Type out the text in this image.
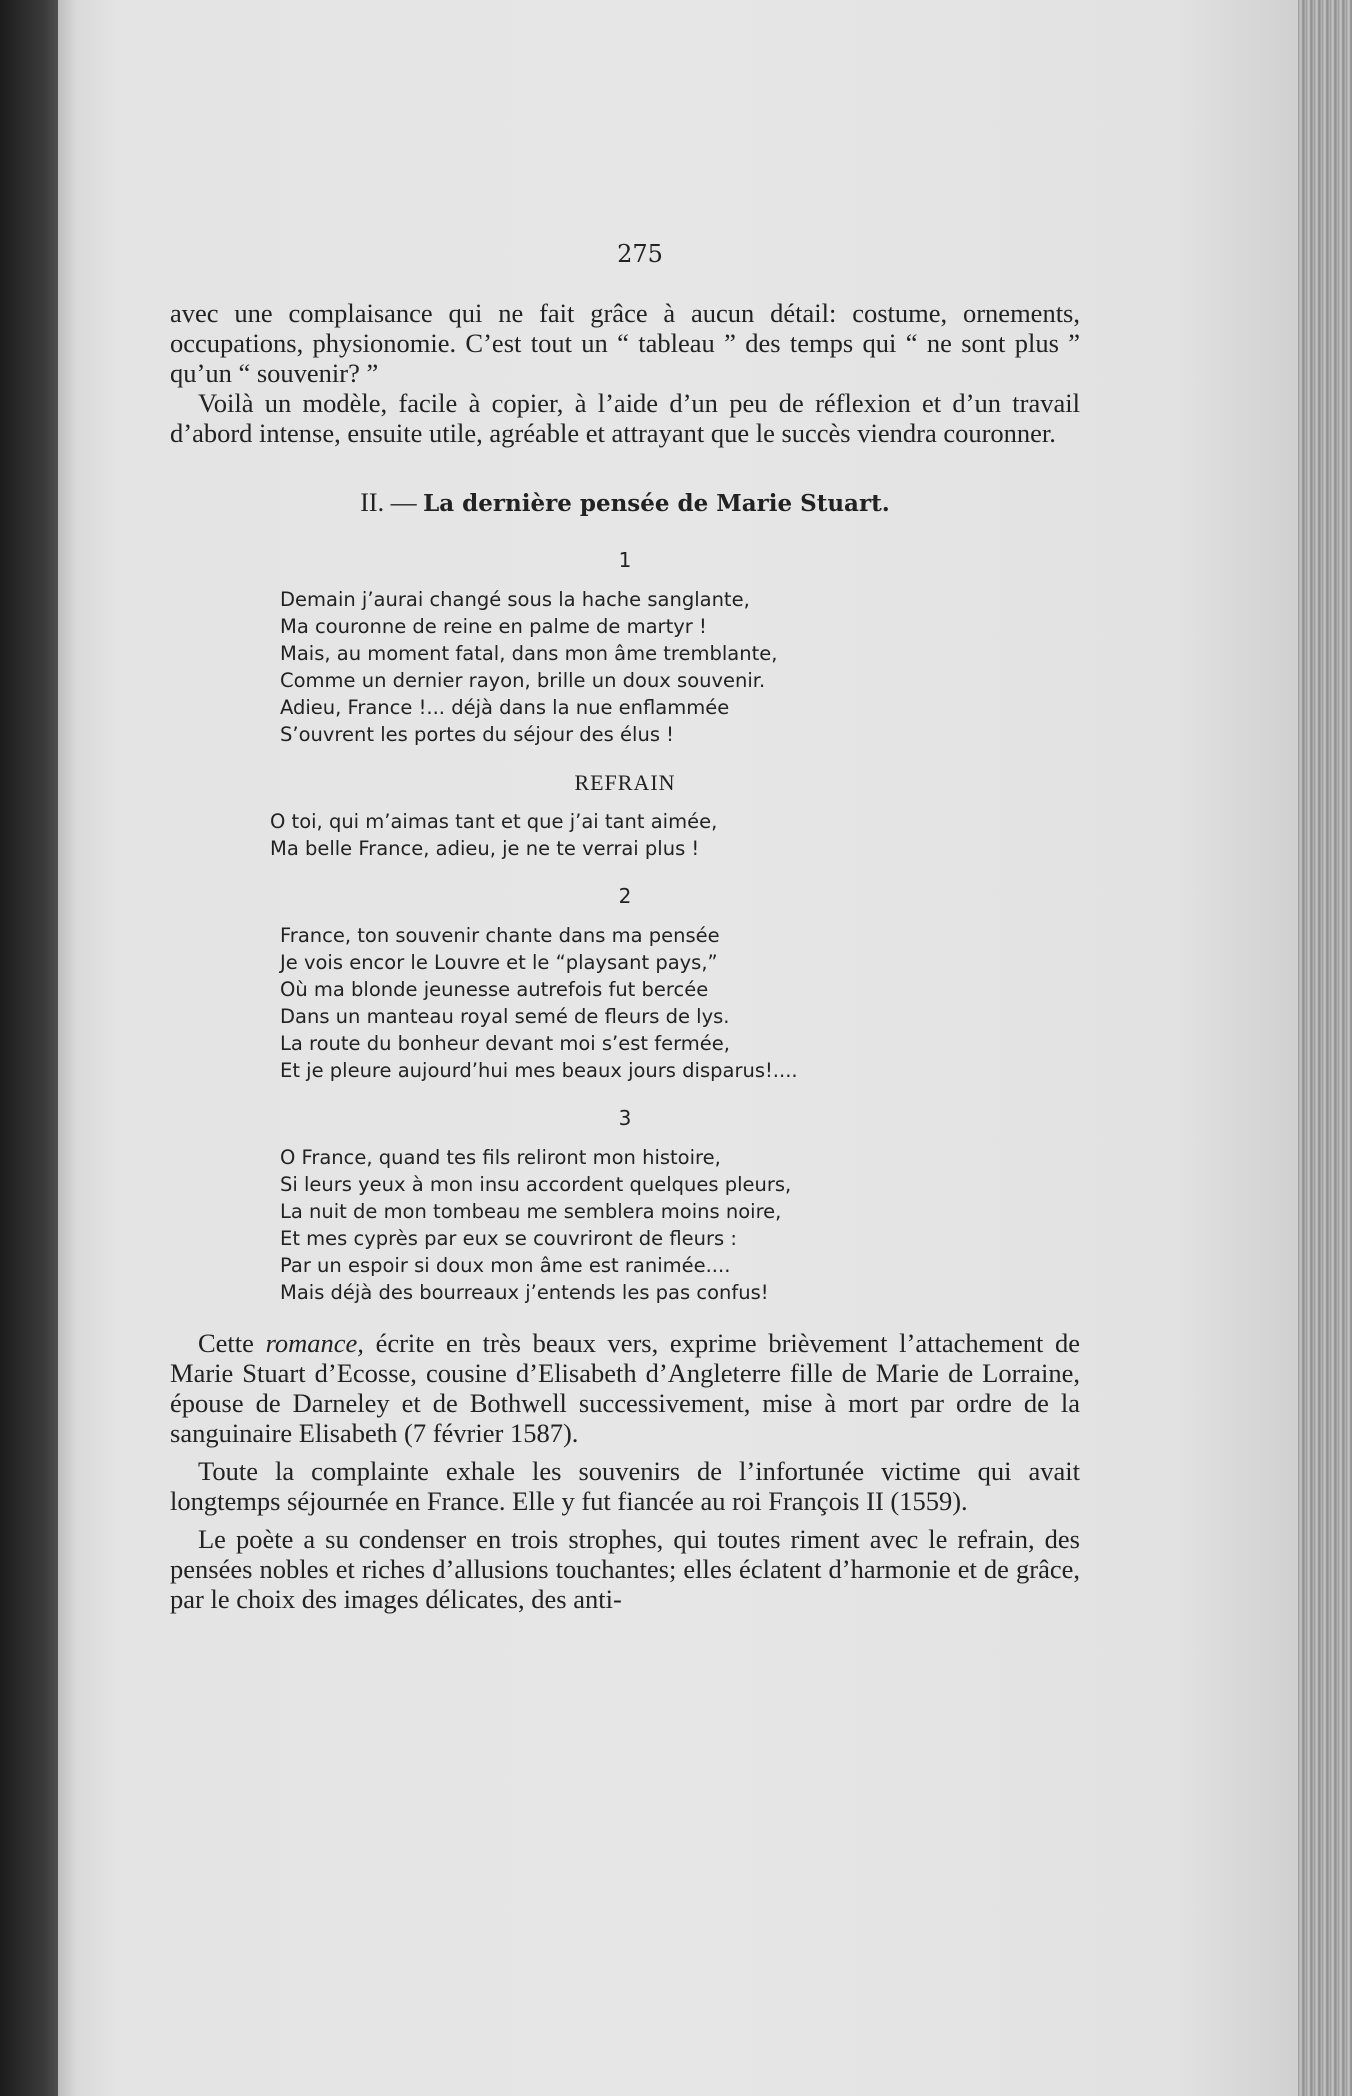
275

avec une complaisance qui ne fait grâce à aucun détail: costume, ornements, occupations, physionomie. C’est tout un “ tableau ” des temps qui “ ne sont plus ” qu’un “ souvenir? ”

Voilà un modèle, facile à copier, à l’aide d’un peu de réflexion et d’un travail d’abord intense, ensuite utile, agréable et attrayant que le succès viendra couronner.

II. — La dernière pensée de Marie Stuart.
1
Demain j’aurai changé sous la hache sanglante,
Ma couronne de reine en palme de martyr !
Mais, au moment fatal, dans mon âme tremblante,
Comme un dernier rayon, brille un doux souvenir.
Adieu, France !... déjà dans la nue enflammée
S’ouvrent les portes du séjour des élus !
REFRAIN
O toi, qui m’aimas tant et que j’ai tant aimée,
Ma belle France, adieu, je ne te verrai plus !
2
France, ton souvenir chante dans ma pensée
Je vois encor le Louvre et le “playsant pays,”
Où ma blonde jeunesse autrefois fut bercée
Dans un manteau royal semé de fleurs de lys.
La route du bonheur devant moi s’est fermée,
Et je pleure aujourd’hui mes beaux jours disparus!....
3
O France, quand tes fils reliront mon histoire,
Si leurs yeux à mon insu accordent quelques pleurs,
La nuit de mon tombeau me semblera moins noire,
Et mes cyprès par eux se couvriront de fleurs :
Par un espoir si doux mon âme est ranimée....
Mais déjà des bourreaux j’entends les pas confus!

Cette romance, écrite en très beaux vers, exprime brièvement l’attachement de Marie Stuart d’Ecosse, cousine d’Elisabeth d’Angleterre fille de Marie de Lorraine, épouse de Darneley et de Bothwell successivement, mise à mort par ordre de la sanguinaire Elisabeth (7 février 1587).

Toute la complainte exhale les souvenirs de l’infortunée victime qui avait longtemps séjournée en France. Elle y fut fiancée au roi François II (1559).

Le poète a su condenser en trois strophes, qui toutes riment avec le refrain, des pensées nobles et riches d’allusions touchantes; elles éclatent d’harmonie et de grâce, par le choix des images délicates, des anti-
